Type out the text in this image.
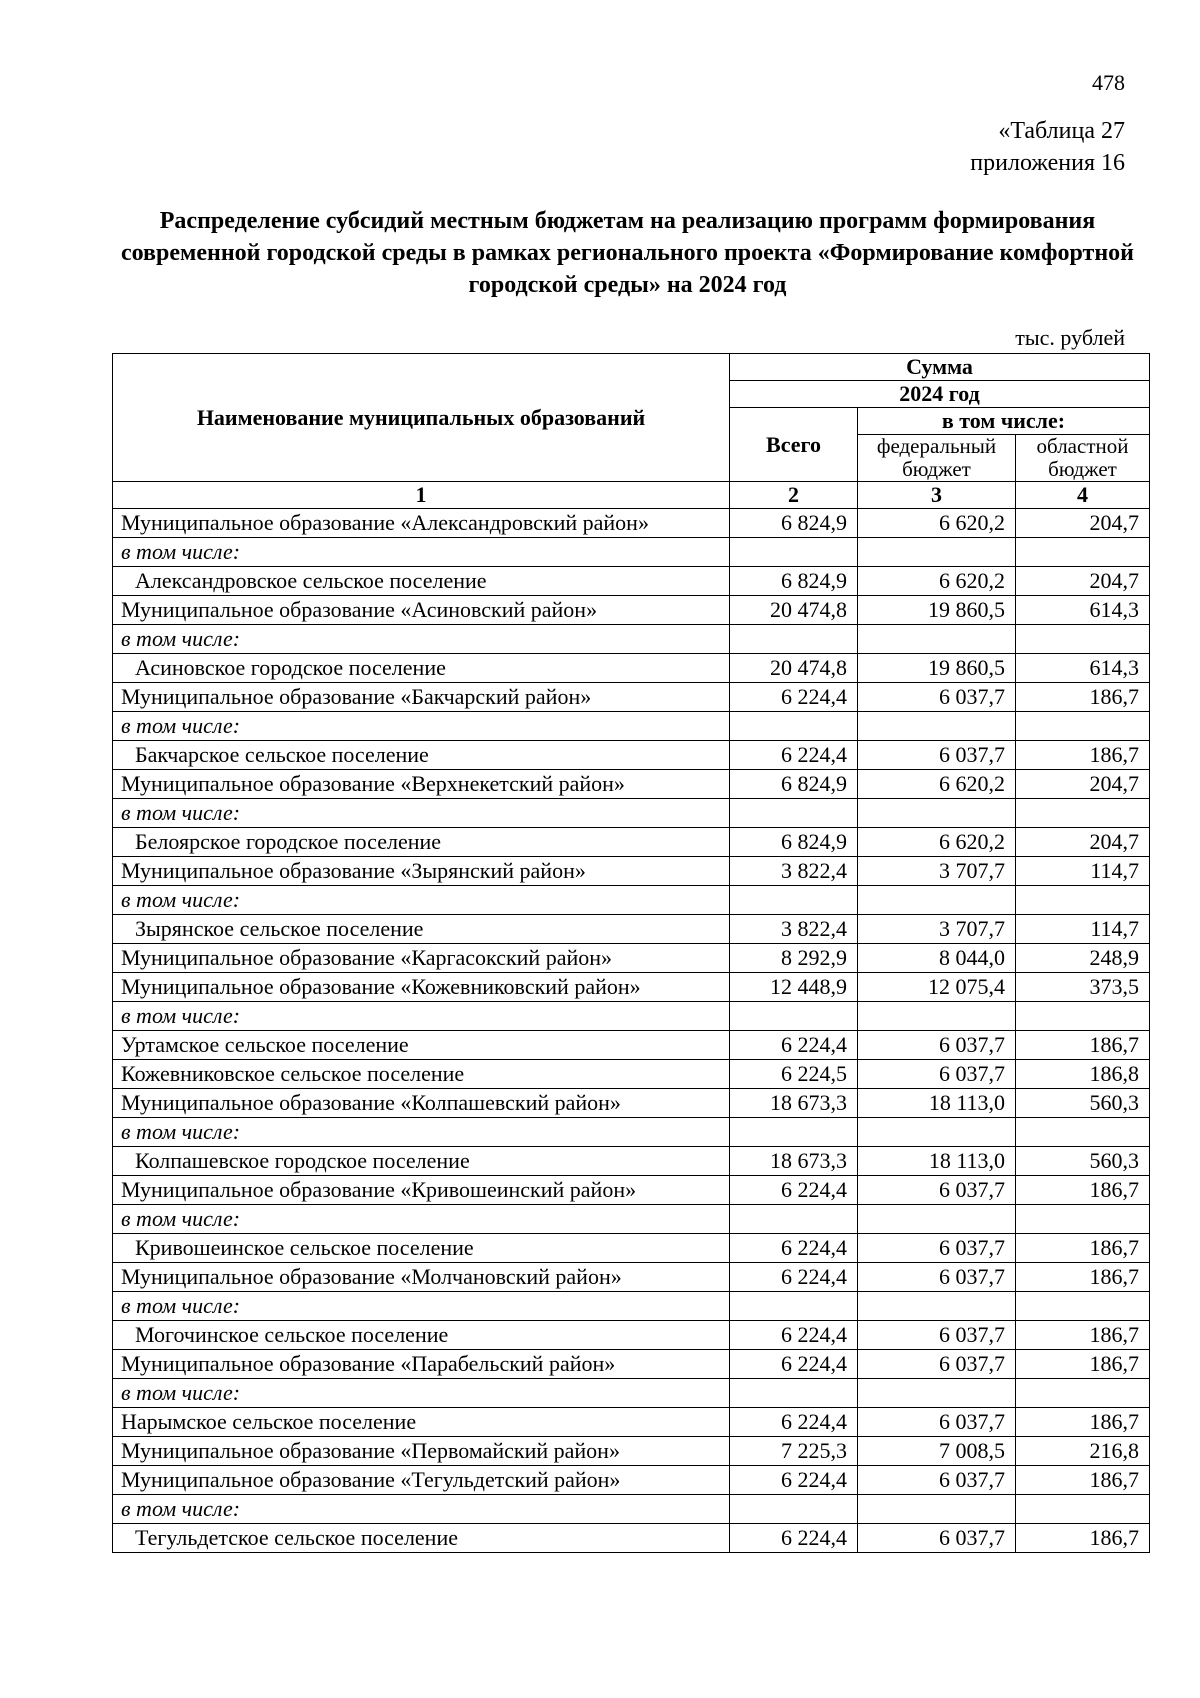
478
«Таблица 27
приложения 16
Распределение субсидий местным бюджетам на реализацию программ формирования современной городской среды в рамках регионального проекта «Формирование комфортной городской среды» на 2024 год
тыс. рублей
Наименование муниципальных образований	Сумма		
	2024 год		
	Всего	в том числе:	
		федеральный бюджет	областной бюджет
1	2	3	4
Муниципальное образование «Александровский район»	6 824,9	6 620,2	204,7
в том числе:			
Александровское сельское поселение	6 824,9	6 620,2	204,7
Муниципальное образование «Асиновский район»	20 474,8	19 860,5	614,3
в том числе:			
Асиновское городское поселение	20 474,8	19 860,5	614,3
Муниципальное образование «Бакчарский район»	6 224,4	6 037,7	186,7
в том числе:			
Бакчарское сельское поселение	6 224,4	6 037,7	186,7
Муниципальное образование «Верхнекетский район»	6 824,9	6 620,2	204,7
в том числе:			
Белоярское городское поселение	6 824,9	6 620,2	204,7
Муниципальное образование «Зырянский район»	3 822,4	3 707,7	114,7
в том числе:			
Зырянское сельское поселение	3 822,4	3 707,7	114,7
Муниципальное образование «Каргасокский район»	8 292,9	8 044,0	248,9
Муниципальное образование «Кожевниковский район»	12 448,9	12 075,4	373,5
в том числе:			
Уртамское сельское поселение	6 224,4	6 037,7	186,7
Кожевниковское сельское поселение	6 224,5	6 037,7	186,8
Муниципальное образование «Колпашевский район»	18 673,3	18 113,0	560,3
в том числе:			
Колпашевское городское поселение	18 673,3	18 113,0	560,3
Муниципальное образование «Кривошеинский район»	6 224,4	6 037,7	186,7
в том числе:			
Кривошеинское сельское поселение	6 224,4	6 037,7	186,7
Муниципальное образование «Молчановский район»	6 224,4	6 037,7	186,7
в том числе:			
Могочинское сельское поселение	6 224,4	6 037,7	186,7
Муниципальное образование «Парабельский район»	6 224,4	6 037,7	186,7
в том числе:			
Нарымское сельское поселение	6 224,4	6 037,7	186,7
Муниципальное образование «Первомайский район»	7 225,3	7 008,5	216,8
Муниципальное образование «Тегульдетский район»	6 224,4	6 037,7	186,7
в том числе:			
Тегульдетское сельское поселение	6 224,4	6 037,7	186,7
